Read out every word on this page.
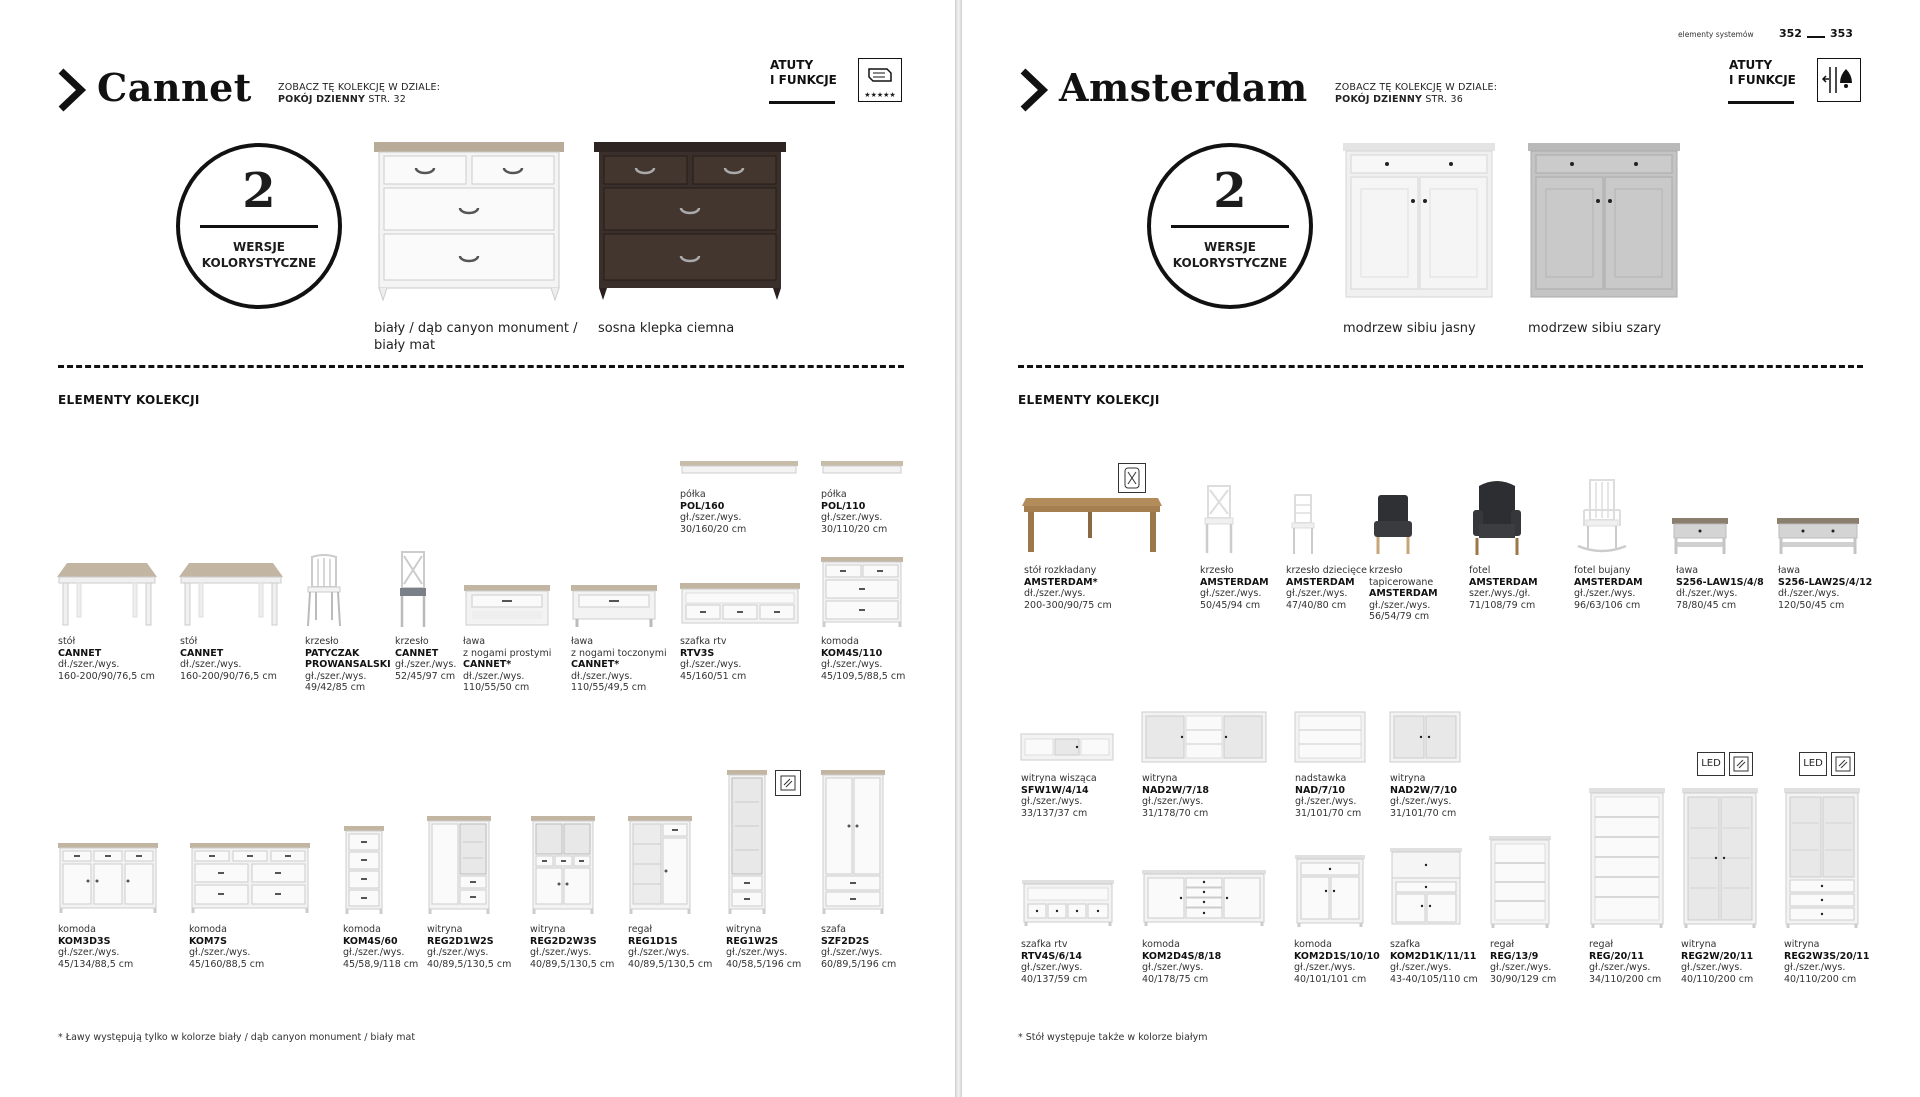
Cannet	ZOBACZ TĘ KOLEKCJĘ W DZIALE:
POKÓJ DZIENNY STR. 32
ATUTY
I FUNKCJE
★★★★★
2
WERSJE
KOLORYSTYCZNE
biały / dąb canyon monument /
biały mat
sosna klepka ciemna
ELEMENTY KOLEKCJI
półka
POL/160
gł./szer./wys.
30/160/20 cm
półka
POL/110
gł./szer./wys.
30/110/20 cm
stół
CANNET
dł./szer./wys.
160-200/90/76,5 cm
stół
CANNET
dł./szer./wys.
160-200/90/76,5 cm
krzesło
PATYCZAK
PROWANSALSKI
gł./szer./wys.
49/42/85 cm
krzesło
CANNET
gł./szer./wys.
52/45/97 cm
ława
z nogami prostymi
CANNET*
dł./szer./wys.
110/55/50 cm
ława
z nogami toczonymi
CANNET*
dł./szer./wys.
110/55/49,5 cm
szafka rtv
RTV3S
gł./szer./wys.
45/160/51 cm
komoda
KOM4S/110
gł./szer./wys.
45/109,5/88,5 cm
komoda
KOM3D3S
gł./szer./wys.
45/134/88,5 cm
komoda
KOM7S
gł./szer./wys.
45/160/88,5 cm
komoda
KOM4S/60
gł./szer./wys.
45/58,9/118 cm
witryna
REG2D1W2S
gł./szer./wys.
40/89,5/130,5 cm
witryna
REG2D2W3S
gł./szer./wys.
40/89,5/130,5 cm
regał
REG1D1S
gł./szer./wys.
40/89,5/130,5 cm
witryna
REG1W2S
gł./szer./wys.
40/58,5/196 cm
szafa
SZF2D2S
gł./szer./wys.
60/89,5/196 cm
* Ławy występują tylko w kolorze biały / dąb canyon monument / biały mat
elementy systemów 352	353
Amsterdam	ZOBACZ TĘ KOLEKCJĘ W DZIALE:
POKÓJ DZIENNY STR. 36
ATUTY
I FUNKCJE
2
WERSJE
KOLORYSTYCZNE
modrzew sibiu jasny	modrzew sibiu szary
ELEMENTY KOLEKCJI
stół rozkładany
AMSTERDAM*
dł./szer./wys.
200-300/90/75 cm
krzesło
AMSTERDAM
gł./szer./wys.
50/45/94 cm
krzesło dziecięce
AMSTERDAM
gł./szer./wys.
47/40/80 cm
krzesło
tapicerowane
AMSTERDAM
gł./szer./wys.
56/54/79 cm
fotel
AMSTERDAM
szer./wys./gł.
71/108/79 cm
fotel bujany
AMSTERDAM
gł./szer./wys.
96/63/106 cm
ława
S256-LAW1S/4/8
dł./szer./wys.
78/80/45 cm
ława
S256-LAW2S/4/12
dł./szer./wys.
120/50/45 cm
witryna wisząca
SFW1W/4/14
gł./szer./wys.
33/137/37 cm
witryna
NAD2W/7/18
gł./szer./wys.
31/178/70 cm
nadstawka
NAD/7/10
gł./szer./wys.
31/101/70 cm
witryna
NAD2W/7/10
gł./szer./wys.
31/101/70 cm
LED	LED
szafka rtv
RTV4S/6/14
gł./szer./wys.
40/137/59 cm
komoda
KOM2D4S/8/18
gł./szer./wys.
40/178/75 cm
komoda
KOM2D1S/10/10
gł./szer./wys.
40/101/101 cm
szafka
KOM2D1K/11/11
gł./szer./wys.
43-40/105/110 cm
regał
REG/13/9
gł./szer./wys.
30/90/129 cm
regał
REG/20/11
gł./szer./wys.
34/110/200 cm
witryna
REG2W/20/11
gł./szer./wys.
40/110/200 cm
witryna
REG2W3S/20/11
gł./szer./wys.
40/110/200 cm
* Stół występuje także w kolorze białym
